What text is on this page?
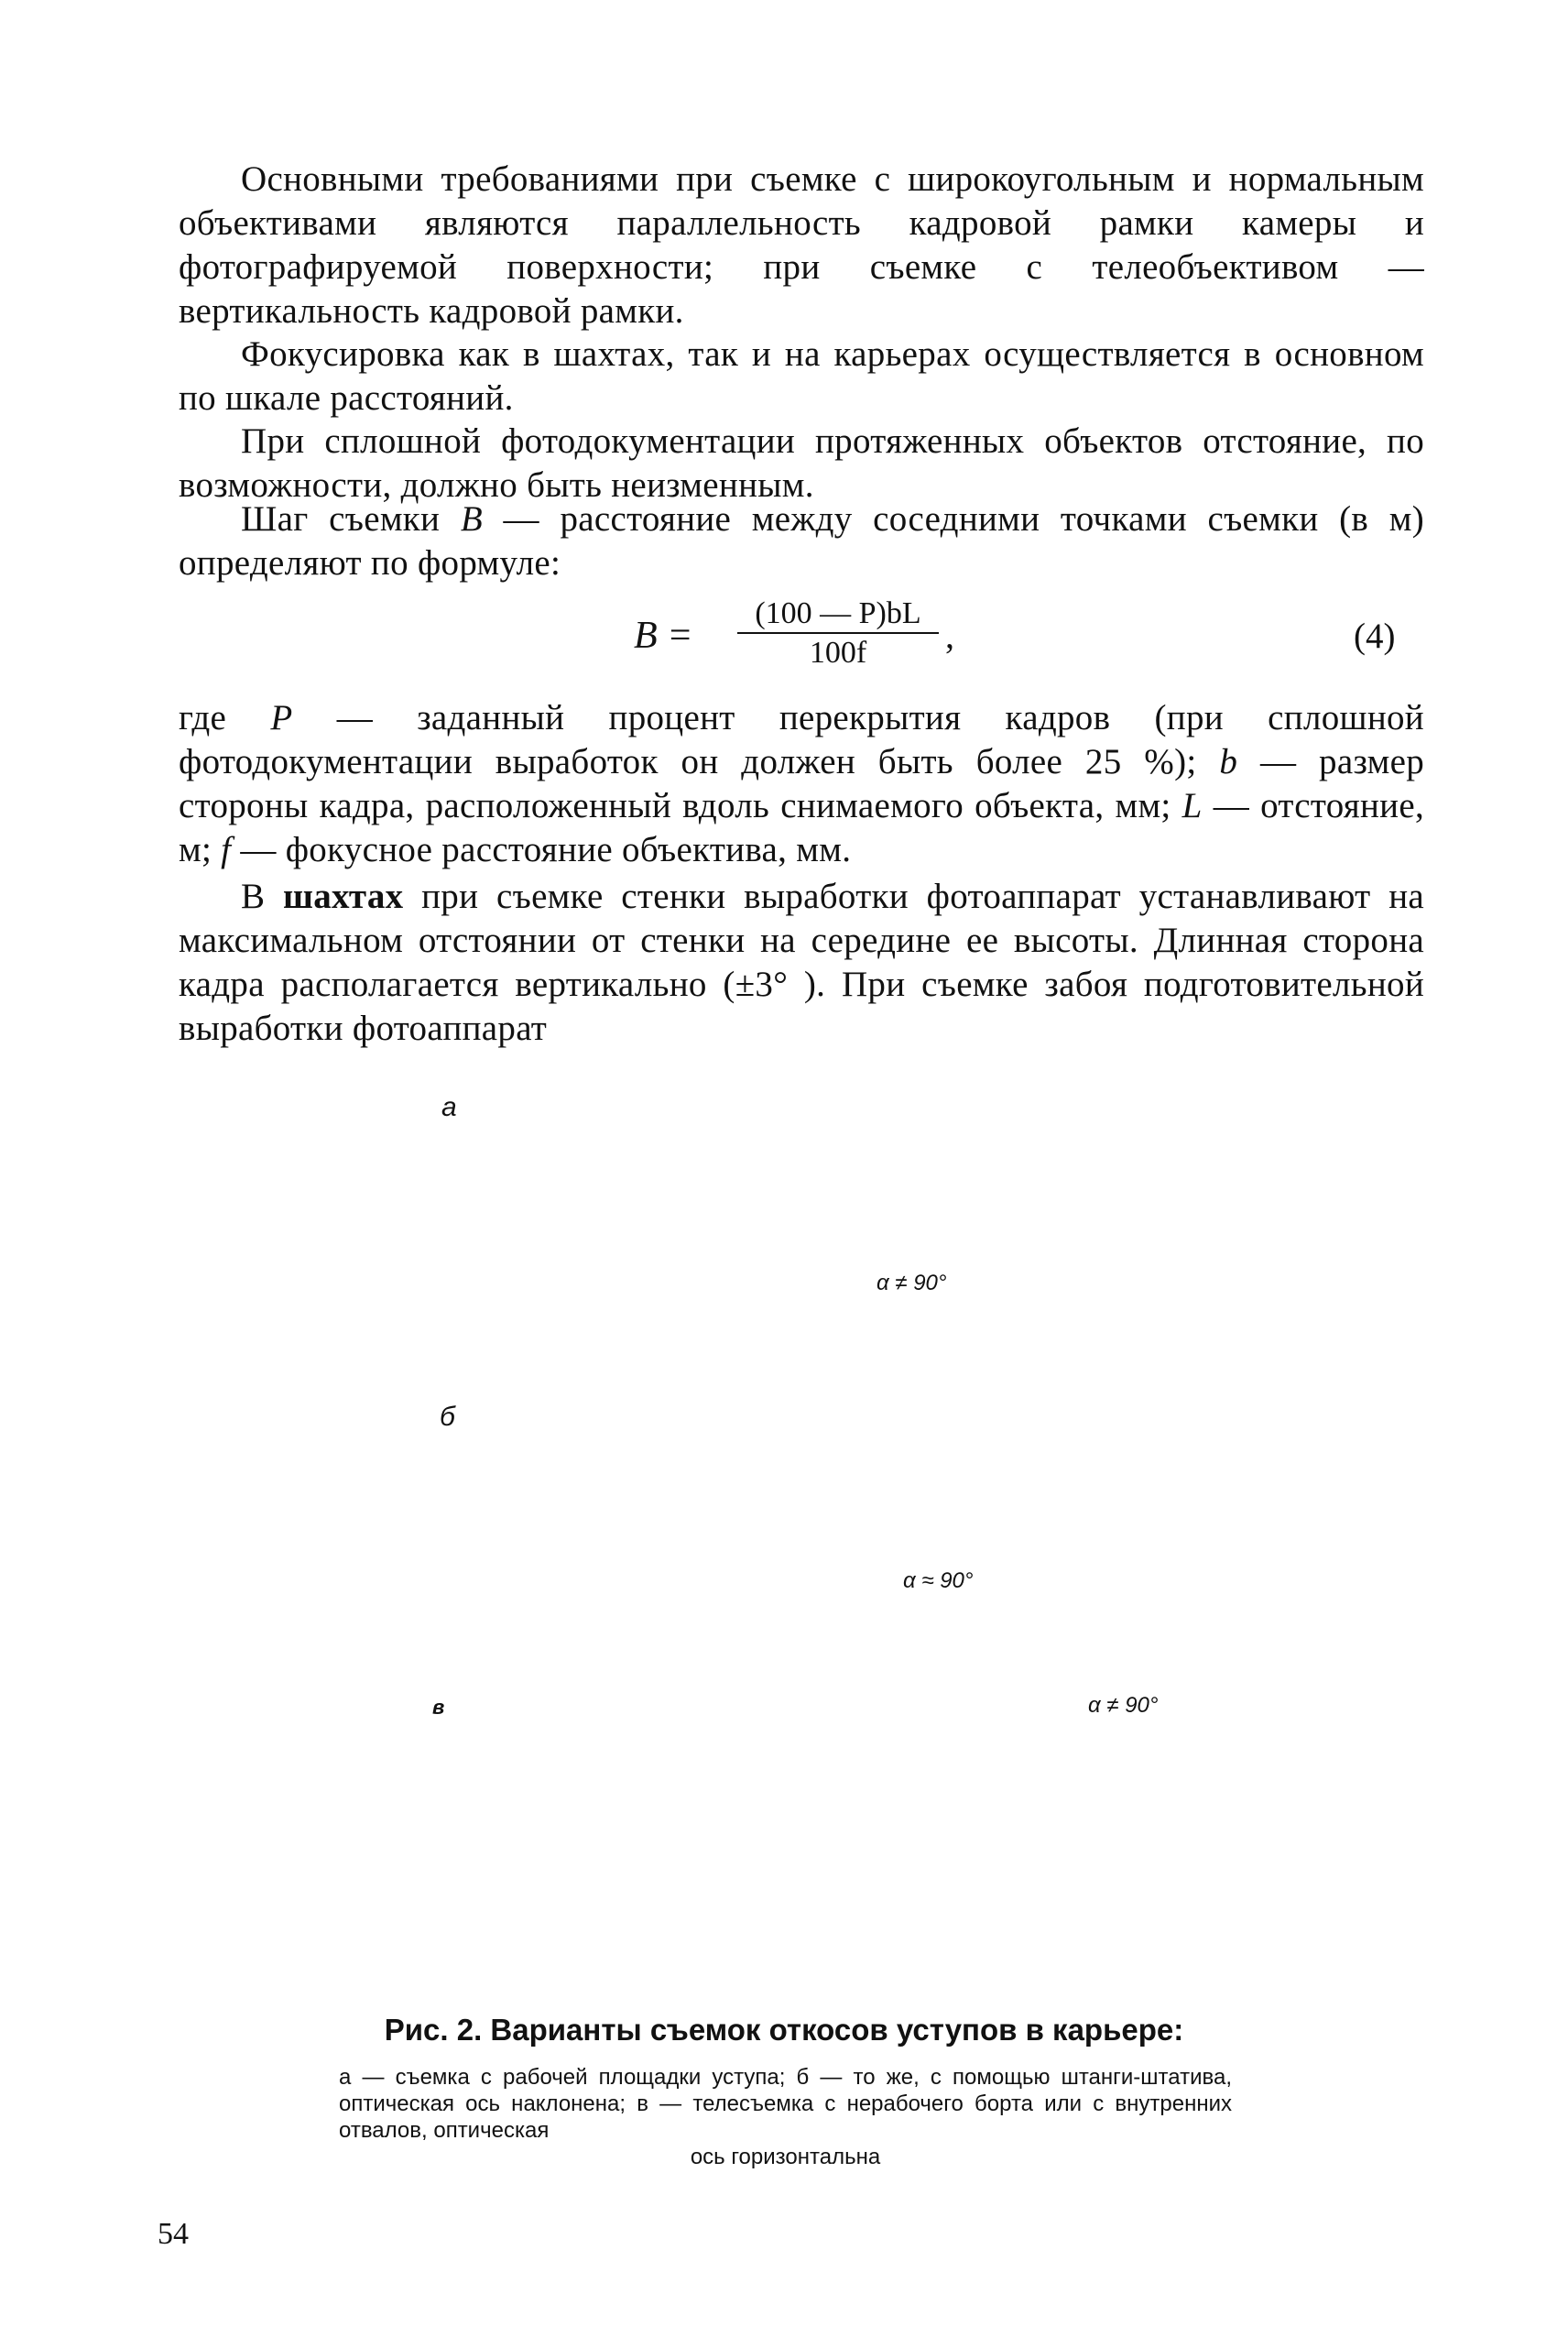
Основными требованиями при съемке с широкоугольным и нормальным объективами являются параллельность кадровой рамки камеры и фотографируемой поверхности; при съемке с телеобъективом — вертикальность кадровой рамки.

Фокусировка как в шахтах, так и на карьерах осуществляется в основном по шкале расстояний.

При сплошной фотодокументации протяженных объектов отстояние, по возможности, должно быть неизменным.

Шаг съемки B — расстояние между соседними точками съемки (в м) определяют по формуле:

B =
(100 — P)bL
100f	,	(4)

где P — заданный процент перекрытия кадров (при сплошной фотодокументации выработок он должен быть более 25 %); b — размер стороны кадра, расположенный вдоль снимаемого объекта, мм; L — отстояние, м; f — фокусное расстояние объектива, мм.

В шахтах при съемке стенки выработки фотоаппарат устанавливают на максимальном отстоянии от стенки на середине ее высоты. Длинная сторона кадра располагается вертикально (±3° ). При съемке забоя подготовительной выработки фотоаппарат

а
б
в
α ≠ 90°
α ≈ 90°
α ≠ 90°
Рис. 2. Варианты съемок откосов уступов в карьере:

а — съемка с рабочей площадки уступа; б — то же, с помощью штанги-штатива, оптическая ось наклонена; в — телесъемка с нерабочего борта или с внутренних отвалов, оптическая
ось горизонтальна

54
